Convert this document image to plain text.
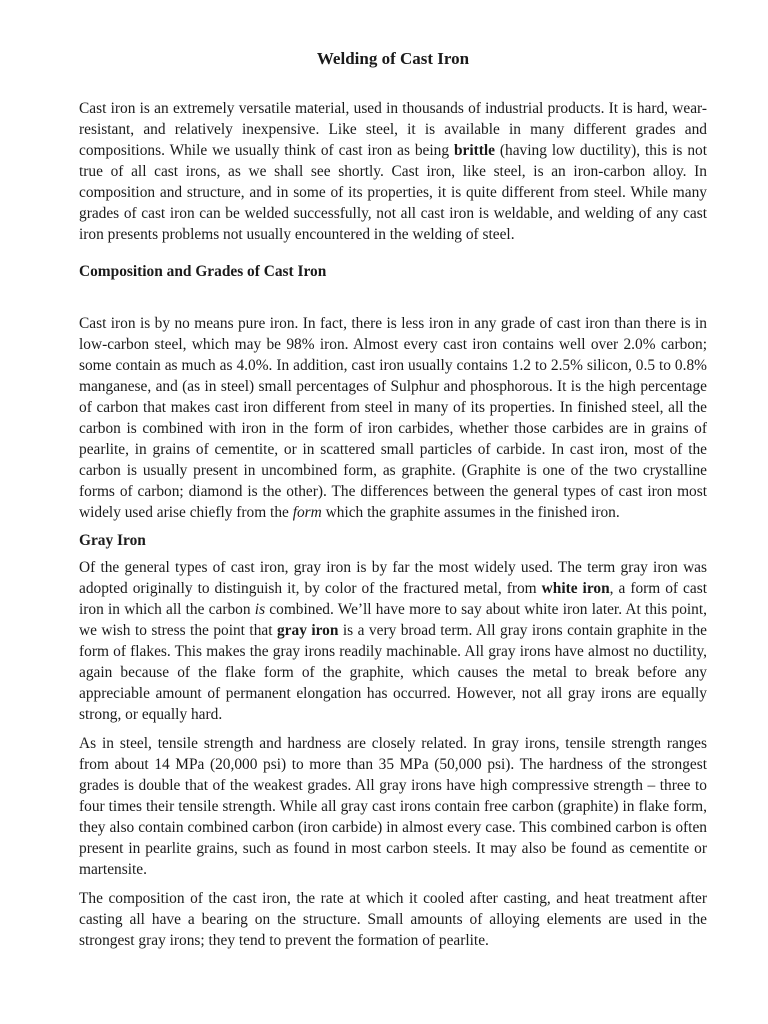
Welding of Cast Iron

Cast iron is an extremely versatile material, used in thousands of industrial products. It is hard, wear-resistant, and relatively inexpensive. Like steel, it is available in many different grades and compositions. While we usually think of cast iron as being brittle (having low ductility), this is not true of all cast irons, as we shall see shortly. Cast iron, like steel, is an iron-carbon alloy. In composition and structure, and in some of its properties, it is quite different from steel. While many grades of cast iron can be welded successfully, not all cast iron is weldable, and welding of any cast iron presents problems not usually encountered in the welding of steel.

Composition and Grades of Cast Iron

Cast iron is by no means pure iron. In fact, there is less iron in any grade of cast iron than there is in low-carbon steel, which may be 98% iron. Almost every cast iron contains well over 2.0% carbon; some contain as much as 4.0%. In addition, cast iron usually contains 1.2 to 2.5% silicon, 0.5 to 0.8% manganese, and (as in steel) small percentages of Sulphur and phosphorous. It is the high percentage of carbon that makes cast iron different from steel in many of its properties. In finished steel, all the carbon is combined with iron in the form of iron carbides, whether those carbides are in grains of pearlite, in grains of cementite, or in scattered small particles of carbide. In cast iron, most of the carbon is usually present in uncombined form, as graphite. (Graphite is one of the two crystalline forms of carbon; diamond is the other). The differences between the general types of cast iron most widely used arise chiefly from the form which the graphite assumes in the finished iron.

Gray Iron

Of the general types of cast iron, gray iron is by far the most widely used. The term gray iron was adopted originally to distinguish it, by color of the fractured metal, from white iron, a form of cast iron in which all the carbon is combined. We’ll have more to say about white iron later. At this point, we wish to stress the point that gray iron is a very broad term. All gray irons contain graphite in the form of flakes. This makes the gray irons readily machinable. All gray irons have almost no ductility, again because of the flake form of the graphite, which causes the metal to break before any appreciable amount of permanent elongation has occurred. However, not all gray irons are equally strong, or equally hard.

As in steel, tensile strength and hardness are closely related. In gray irons, tensile strength ranges from about 14 MPa (20,000 psi) to more than 35 MPa (50,000 psi). The hardness of the strongest grades is double that of the weakest grades. All gray irons have high compressive strength – three to four times their tensile strength. While all gray cast irons contain free carbon (graphite) in flake form, they also contain combined carbon (iron carbide) in almost every case. This combined carbon is often present in pearlite grains, such as found in most carbon steels. It may also be found as cementite or martensite.

The composition of the cast iron, the rate at which it cooled after casting, and heat treatment after casting all have a bearing on the structure. Small amounts of alloying elements are used in the strongest gray irons; they tend to prevent the formation of pearlite.
